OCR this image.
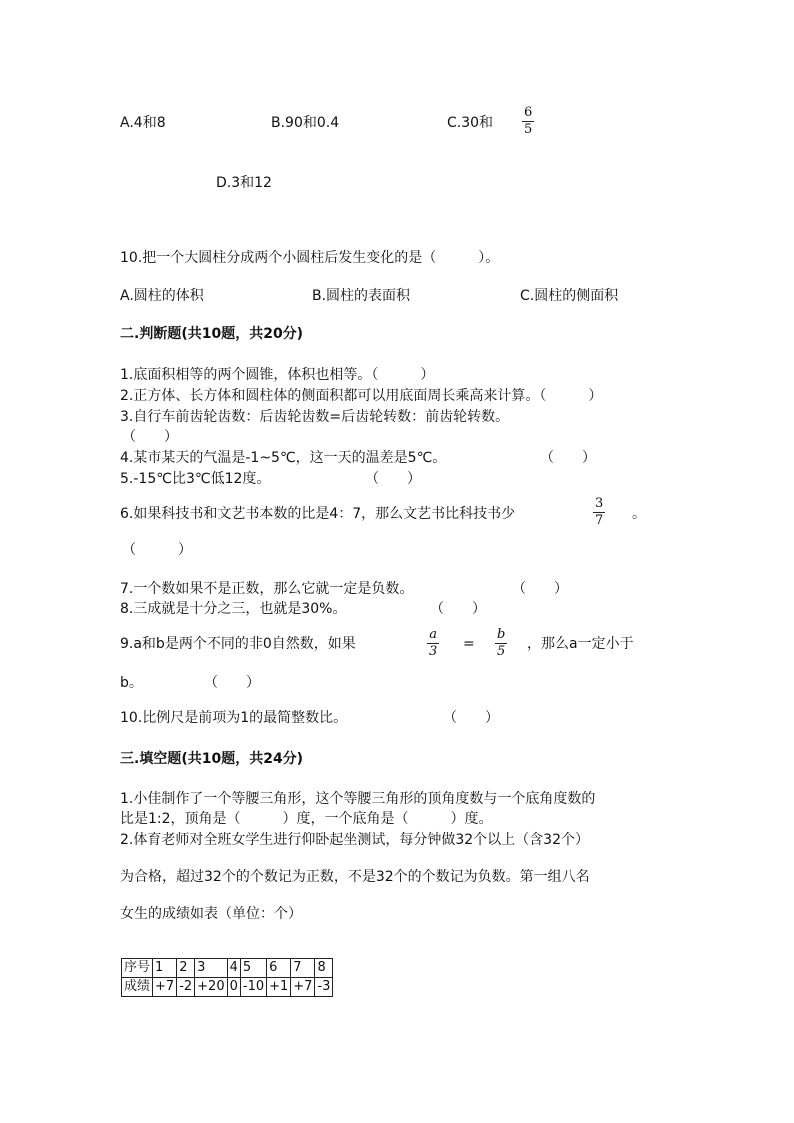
A.4和8	B.90和0.4	C.30和
6
5
D.3和12
10.把一个大圆柱分成两个小圆柱后发生变化的是（　　　）。
A.圆柱的体积	B.圆柱的表面积	C.圆柱的侧面积
二.判断题(共10题，共20分)
1.底面积相等的两个圆锥，体积也相等。（　　　）
2.正方体、长方体和圆柱体的侧面积都可以用底面周长乘高来计算。（　　　）
3.自行车前齿轮齿数：后齿轮齿数=后齿轮转数：前齿轮转数。
（　　）
4.某市某天的气温是-1~5℃，这一天的温差是5℃。	（　　）
5.-15℃比3℃低12度。	（　　）
6.如果科技书和文艺书本数的比是4：7，那么文艺书比科技书少
3
7 。
（　　　）
7.一个数如果不是正数，那么它就一定是负数。	（　　）
8.三成就是十分之三，也就是30%。	（　　）
9.a和b是两个不同的非0自然数，如果
a
3 =
b
5 ，那么a一定小于
b。	（　　）
10.比例尺是前项为1的最简整数比。	（　　）
三.填空题(共10题，共24分)
1.小佳制作了一个等腰三角形，这个等腰三角形的顶角度数与一个底角度数的
比是1:2，顶角是（　　　）度，一个底角是（　　　）度。
2.体育老师对全班女学生进行仰卧起坐测试，每分钟做32个以上（含32个）
为合格，超过32个的个数记为正数，不是32个的个数记为负数。第一组八名
女生的成绩如表（单位：个）
序号	1	2	3	4	5	6	7	8
成绩	+7	-2	+20	0	-10	+1	+7	-3
